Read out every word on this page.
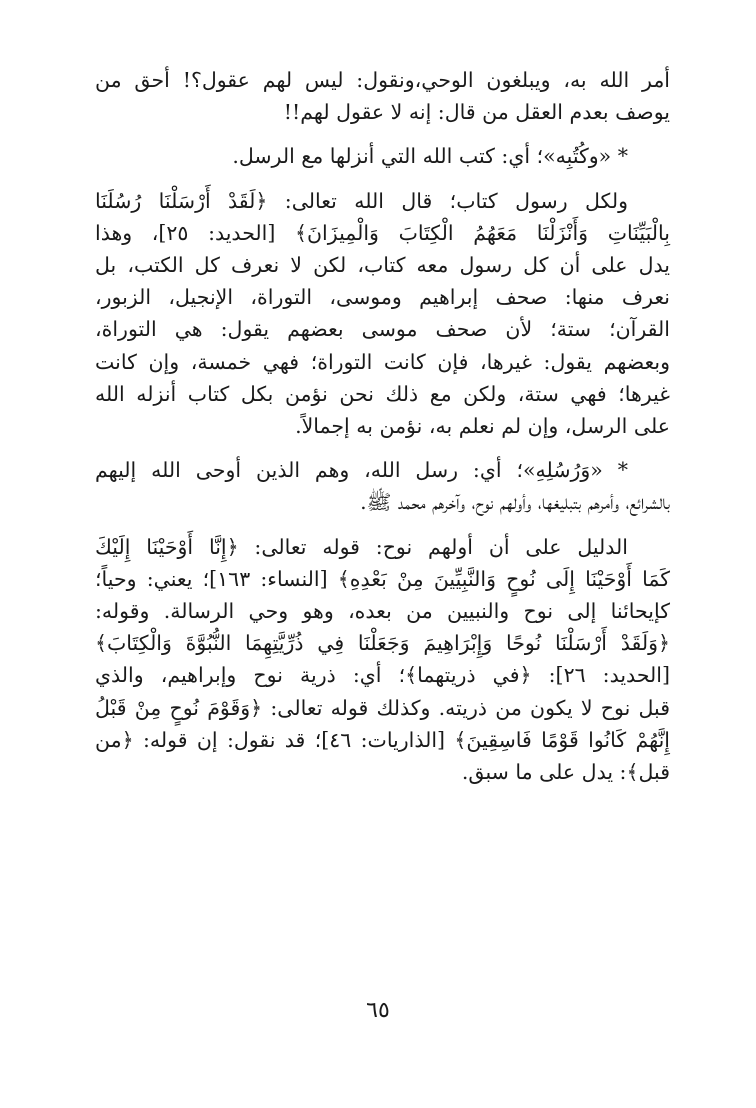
أمر الله به، ويبلغون الوحي،ونقول: ليس لهم عقول؟! أحق من
يوصف بعدم العقل من قال: إنه لا عقول لهم!!
* «وكُتُبِه»؛ أي: كتب الله التي أنزلها مع الرسل.
ولكل رسول كتاب؛ قال الله تعالى: ﴿لَقَدْ أَرْسَلْنَا رُسُلَنَا
بِالْبَيِّنَاتِ وَأَنْزَلْنَا مَعَهُمُ الْكِتَابَ وَالْمِيزَانَ﴾ [الحديد: ٢٥]، وهذا
يدل على أن كل رسول معه كتاب، لكن لا نعرف كل الكتب، بل
نعرف منها: صحف إبراهيم وموسى، التوراة، الإنجيل، الزبور،
القرآن؛ ستة؛ لأن صحف موسى بعضهم يقول: هي التوراة،
وبعضهم يقول: غيرها، فإن كانت التوراة؛ فهي خمسة، وإن كانت
غيرها؛ فهي ستة، ولكن مع ذلك نحن نؤمن بكل كتاب أنزله الله
على الرسل، وإن لم نعلم به، نؤمن به إجمالاً.
* «وَرُسُلِهِ»؛ أي: رسل الله، وهم الذين أوحى الله إليهم
بالشرائع، وأمرهم بتبليغها، وأولهم نوح، وآخرهم محمد ﷺ.
الدليل على أن أولهم نوح: قوله تعالى: ﴿إِنَّا أَوْحَيْنَا إِلَيْكَ
كَمَا أَوْحَيْنَا إِلَى نُوحٍ وَالنَّبِيِّينَ مِنْ بَعْدِهِ﴾ [النساء: ١٦٣]؛ يعني: وحياً؛
كإيحائنا إلى نوح والنبيين من بعده، وهو وحي الرسالة. وقوله:
﴿وَلَقَدْ أَرْسَلْنَا نُوحًا وَإِبْرَاهِيمَ وَجَعَلْنَا فِي ذُرِّيَّتِهِمَا النُّبُوَّةَ وَالْكِتَابَ﴾
[الحديد: ٢٦]: ﴿في ذريتهما﴾؛ أي: ذرية نوح وإبراهيم، والذي
قبل نوح لا يكون من ذريته. وكذلك قوله تعالى: ﴿وَقَوْمَ نُوحٍ مِنْ قَبْلُ
إِنَّهُمْ كَانُوا قَوْمًا فَاسِقِينَ﴾ [الذاريات: ٤٦]؛ قد نقول: إن قوله: ﴿من
قبل﴾: يدل على ما سبق.
٦٥
